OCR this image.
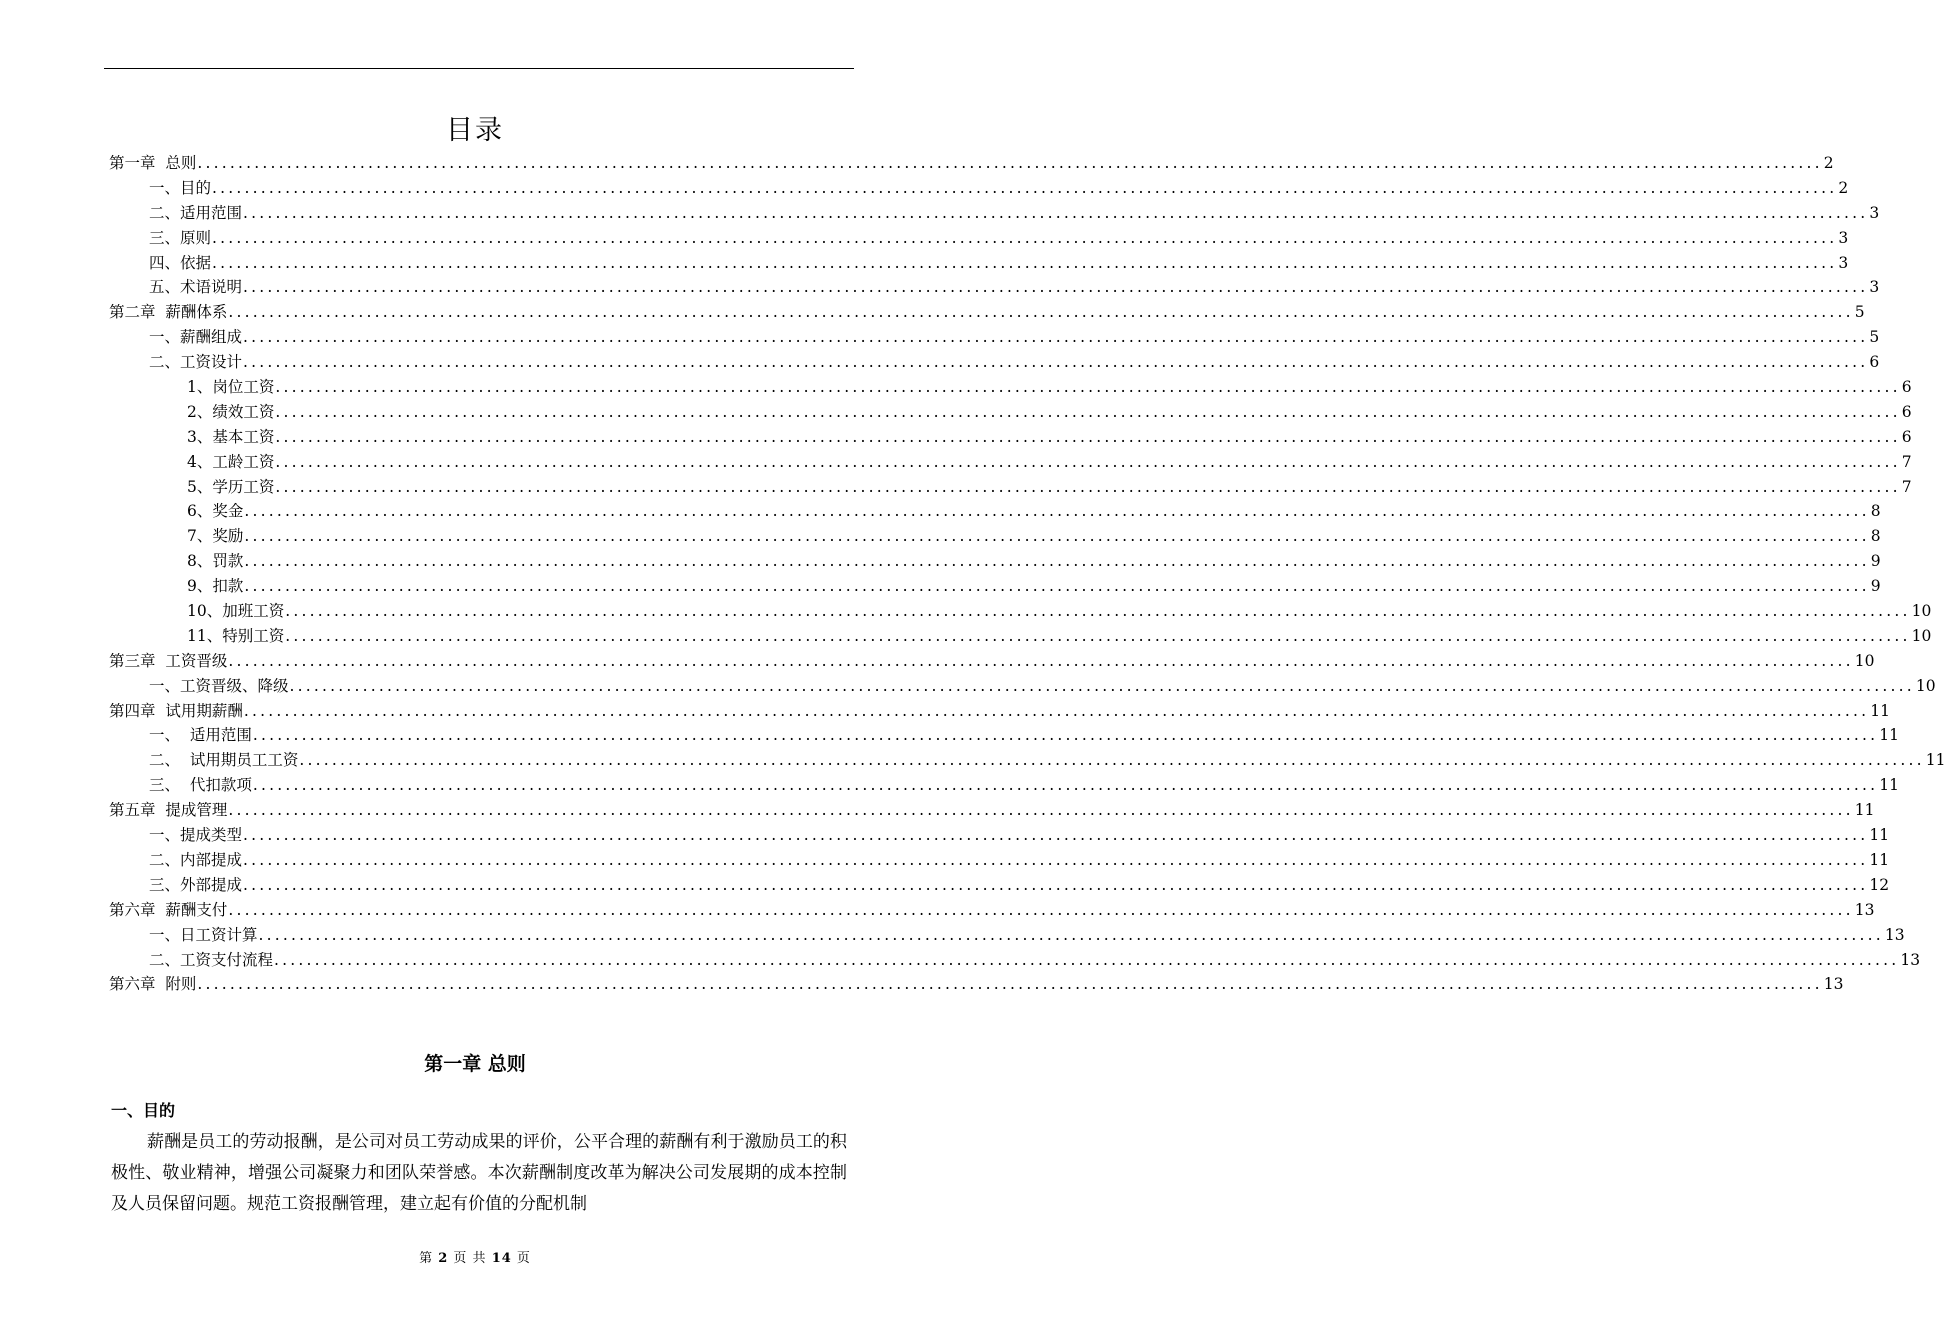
目录
第一章  总则 ........................................................................................................................................................................................................ 2
一、目的 ........................................................................................................................................................................................................ 2
二、适用范围 ........................................................................................................................................................................................................ 3
三、原则 ........................................................................................................................................................................................................ 3
四、依据 ........................................................................................................................................................................................................ 3
五、术语说明 ........................................................................................................................................................................................................ 3
第二章  薪酬体系 ........................................................................................................................................................................................................ 5
一、薪酬组成 ........................................................................................................................................................................................................ 5
二、工资设计 ........................................................................................................................................................................................................ 6
1、岗位工资 ........................................................................................................................................................................................................ 6
2、绩效工资 ........................................................................................................................................................................................................ 6
3、基本工资 ........................................................................................................................................................................................................ 6
4、工龄工资 ........................................................................................................................................................................................................ 7
5、学历工资 ........................................................................................................................................................................................................ 7
6、奖金 ........................................................................................................................................................................................................ 8
7、奖励 ........................................................................................................................................................................................................ 8
8、罚款 ........................................................................................................................................................................................................ 9
9、扣款 ........................................................................................................................................................................................................ 9
10、加班工资 ........................................................................................................................................................................................................ 10
11、特别工资 ........................................................................................................................................................................................................ 10
第三章  工资晋级 ........................................................................................................................................................................................................ 10
一、工资晋级、降级 ........................................................................................................................................................................................................ 10
第四章  试用期薪酬 ........................................................................................................................................................................................................ 11
一、  适用范围 ........................................................................................................................................................................................................ 11
二、  试用期员工工资 ........................................................................................................................................................................................................ 11
三、  代扣款项 ........................................................................................................................................................................................................ 11
第五章  提成管理 ........................................................................................................................................................................................................ 11
一、提成类型 ........................................................................................................................................................................................................ 11
二、内部提成 ........................................................................................................................................................................................................ 11
三、外部提成 ........................................................................................................................................................................................................ 12
第六章  薪酬支付 ........................................................................................................................................................................................................ 13
一、日工资计算 ........................................................................................................................................................................................................ 13
二、工资支付流程 ........................................................................................................................................................................................................ 13
第六章  附则 ........................................................................................................................................................................................................ 13
第一章 总则
一、目的
薪酬是员工的劳动报酬，是公司对员工劳动成果的评价，公平合理的薪酬有利于激励员工的积极性、敬业精神，增强公司凝聚力和团队荣誉感。本次薪酬制度改革为解决公司发展期的成本控制及人员保留问题。规范工资报酬管理，建立起有价值的分配机制
第 2 页 共 14 页
